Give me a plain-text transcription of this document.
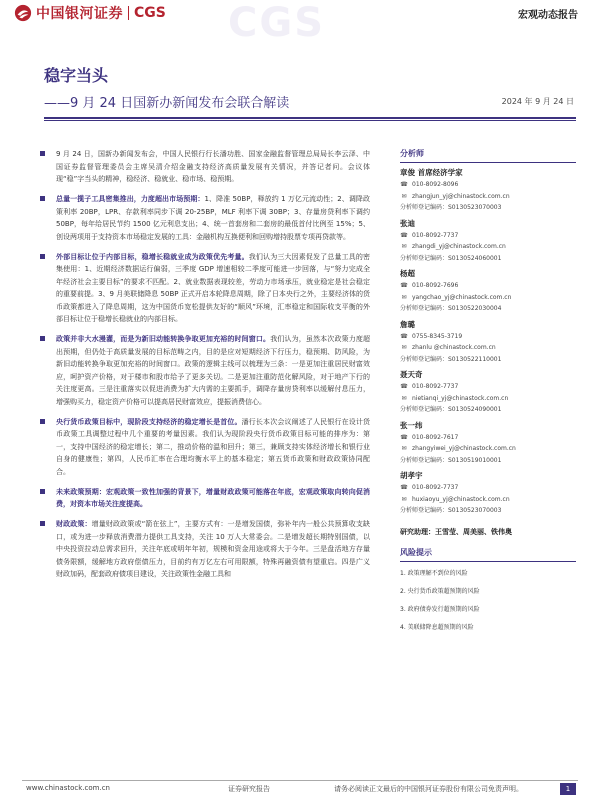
中国银河证券 CGS CGS	宏观动态报告
稳字当头
——9 月 24 日国新办新闻发布会联合解读	2024 年 9 月 24 日
9 月 24 日，国新办新闻发布会，中国人民银行行长潘功胜、国家金融监督管理总局局长李云泽、中国证券监督管理委员会主席吴清介绍金融支持经济高质量发展有关情况，并答记者问。会议体现“稳”字当头的精神，稳经济、稳就业、稳市场、稳预期。
总量一揽子工具密集推出，力度超出市场预期：1、降准 50BP，释放约 1 万亿元流动性；2、调降政策利率 20BP，LPR、存款利率同步下调 20-25BP，MLF 利率下调 30BP；3、存量房贷利率下调约 50BP，每年给居民节约 1500 亿元利息支出；4、统一首套房和二套房的最低首付比例至 15%；5、创设两项用于支持资本市场稳定发展的工具：金融机构互换便利和回购增持股票专项再贷款等。
外部目标让位于内部目标，稳增长稳就业成为政策优先考量。我们认为三大因素促发了总量工具的密集使用：1、近期经济数据运行偏弱，三季度 GDP 增速相较二季度可能进一步回落，与“努力完成全年经济社会主要目标”的要求不匹配。2、就业数据表现较差，劳动力市场承压，就业稳定是社会稳定的重要前提。3、9 月美联储降息 50BP 正式开启本轮降息周期，除了日本央行之外，主要经济体的货币政策都进入了降息周期，这为中国货币宽松提供友好的“顺风”环境，汇率稳定和国际收支平衡的外部目标让位于稳增长稳就业的内部目标。
政策并非大水漫灌，而是为新旧动能转换争取更加充裕的时间窗口。我们认为，虽然本次政策力度超出预期，但仍处于高质量发展的目标范畴之内，目的是应对短期经济下行压力，稳预期、防风险，为新旧动能转换争取更加充裕的时间窗口。政策的逻辑主线可以梳理为三条：一是更加注重居民财富效应，呵护资产价格，对于楼市和股市给予了更多关切。二是更加注重防范化解风险，对于地产下行的关注度更高。三是注重落实以促进消费为扩大内需的主要抓手，调降存量房贷利率以缓解付息压力，增强购买力，稳定资产价格可以提高居民财富效应，提振消费信心。
央行货币政策目标中，现阶段支持经济的稳定增长是首位。潘行长本次会议阐述了人民银行在设计货币政策工具调整过程中几个重要的考量因素。我们认为现阶段央行货币政策目标可能的排序为：第一，支持中国经济的稳定增长；第二，推动价格的温和回升；第三，兼顾支持实体经济增长和银行业自身的健康性；第四，人民币汇率在合理均衡水平上的基本稳定；第五货币政策和财政政策协同配合。
未来政策预期：宏观政策一致性加强的背景下，增量财政政策可能落在年底，宏观政策取向转向促消费，对资本市场关注度提高。
财政政策：增量财政政策或“箭在弦上”，主要方式有：一是增发国债，弥补年内一般公共预算收支缺口，或为进一步释放消费潜力提供工具支持，关注 10 万人大常委会。二是增发超长期特别国债，以中央投资拉动总需求回升，关注年底或明年年初，规模和资金用途或将大于今年。三是盘活地方存量债务限额，缓解地方政府偿债压力，目前约有万亿左右可用限额，特殊再融资债有望重启。四是广义财政加码，配套政府债项目建设，关注政策性金融工具和
分析师
章俊 首席经济学家
☎ 010-8092-8096
✉ zhangjun_yj@chinastock.com.cn
分析师登记编码：S0130523070003
张迪
☎ 010-8092-7737
✉ zhangdi_yj@chinastock.com.cn
分析师登记编码：S0130524060001
杨超
☎ 010-8092-7696
✉ yangchao_yj@chinastock.com.cn
分析师登记编码：S0130522030004
詹璐
☎ 0755-8345-3719
✉ zhanlu @chinastock.com.cn
分析师登记编码：S0130522110001
聂天奇
☎ 010-8092-7737
✉ nietianqi_yj@chinastock.com.cn
分析师登记编码：S0130524090001
张一纬
☎ 010-8092-7617
✉ zhangyiwei_yj@chinastock.com.cn
分析师登记编码：S0130519010001
胡孝宇
☎ 010-8092-7737
✉ huxiaoyu_yj@chinastock.com.cn
分析师登记编码：S0130523070003
研究助理：王雪莹、周美丽、铁伟奥
风险提示
1. 政策理解不到位的风险
2. 央行货币政策超预期的风险
3. 政府债券发行超预期的风险
4. 美联储降息超预期的风险
www.chinastock.com.cn	证券研究报告	请务必阅读正文最后的中国银河证券股份有限公司免责声明。	1
